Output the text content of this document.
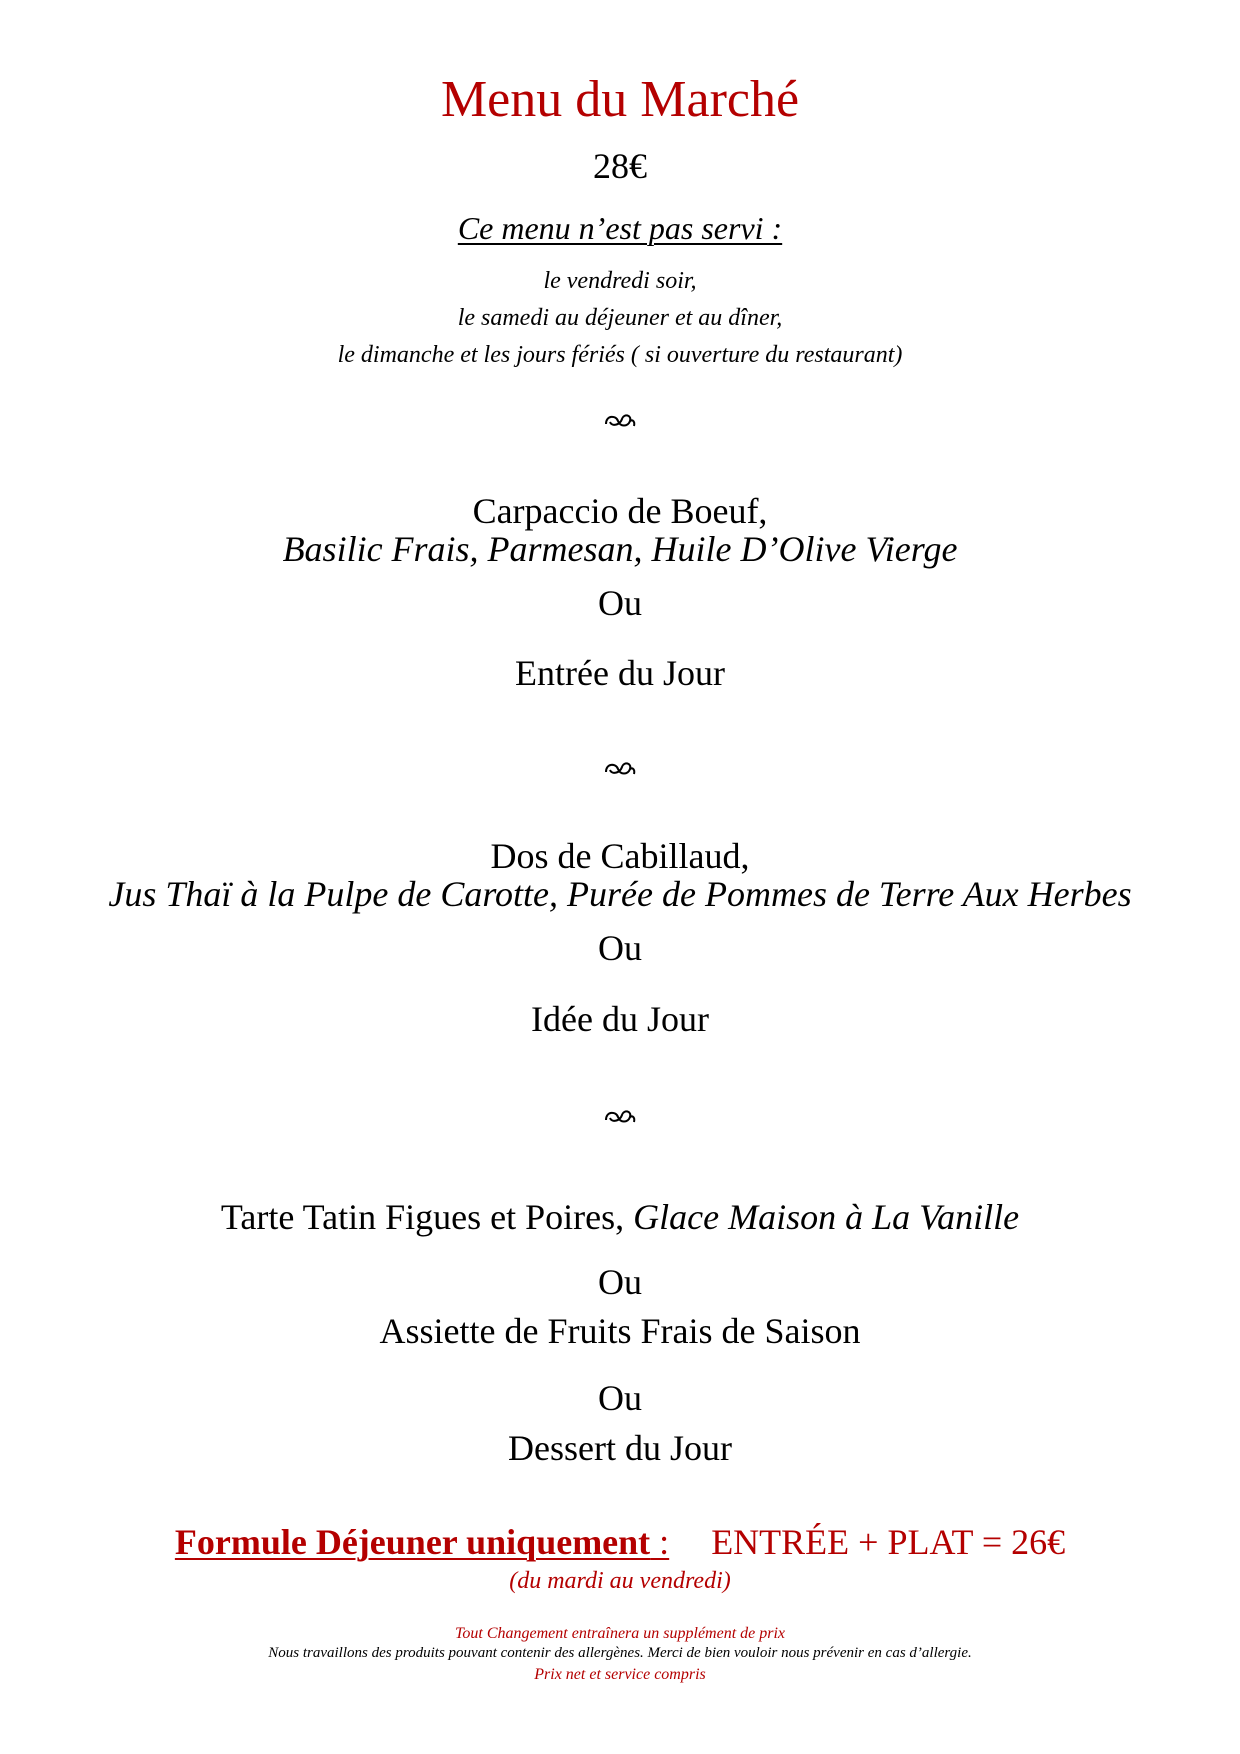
Menu du Marché
28€
Ce menu n’est pas servi :
le vendredi soir,
le samedi au déjeuner et au dîner,
le dimanche et les jours fériés ( si ouverture du restaurant)
Carpaccio de Boeuf,
Basilic Frais, Parmesan, Huile D’Olive Vierge
Ou
Entrée du Jour
Dos de Cabillaud,
Jus Thaï à la Pulpe de Carotte, Purée de Pommes de Terre Aux Herbes
Ou
Idée du Jour
Tarte Tatin Figues et Poires, Glace Maison à La Vanille
Ou
Assiette de Fruits Frais de Saison
Ou
Dessert du Jour
Formule Déjeuner uniquement : ENTRÉE + PLAT = 26€
(du mardi au vendredi)
Tout Changement entraînera un supplément de prix
Nous travaillons des produits pouvant contenir des allergènes. Merci de bien vouloir nous prévenir en cas d’allergie.
Prix net et service compris
